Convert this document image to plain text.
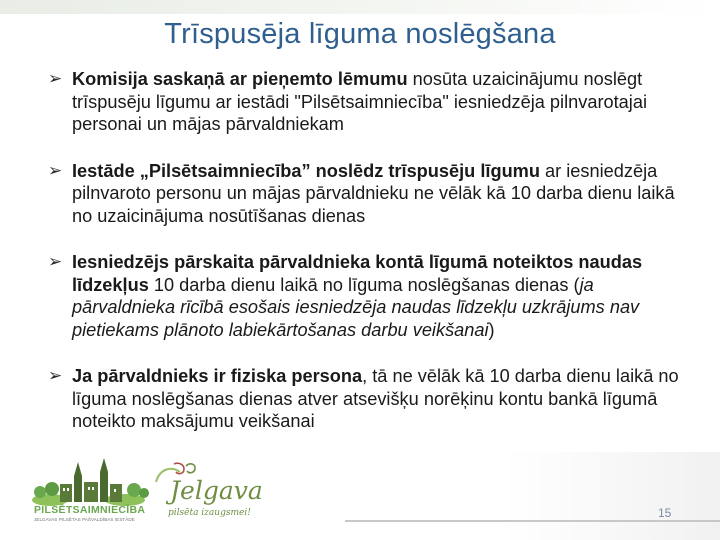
Trīspusēja līguma noslēgšana
➢ Komisija saskaņā ar pieņemto lēmumu nosūta uzaicinājumu noslēgt trīspusēju līgumu ar iestādi "Pilsētsaimniecība" iesniedzēja pilnvarotajai personai un mājas pārvaldniekam
➢ Iestāde „Pilsētsaimniecība” noslēdz trīspusēju līgumu ar iesniedzēja pilnvaroto personu un mājas pārvaldnieku ne vēlāk kā 10 darba dienu laikā no uzaicinājuma nosūtīšanas dienas
➢ Iesniedzējs pārskaita pārvaldnieka kontā līgumā noteiktos naudas līdzekļus 10 darba dienu laikā no līguma noslēgšanas dienas (ja pārvaldnieka rīcībā esošais iesniedzēja naudas līdzekļu uzkrājums nav pietiekams plānoto labiekārtošanas darbu veikšanai)
➢ Ja pārvaldnieks ir fiziska persona, tā ne vēlāk kā 10 darba dienu laikā no līguma noslēgšanas dienas atver atsevišķu norēķinu kontu bankā līgumā noteikto maksājumu veikšanai
15
PILSĒTSAIMNIECĪBA
JELGAVAS PILSĒTAS PAŠVALDĪBAS IESTĀDE
Jelgava
pilsēta izaugsmei!
